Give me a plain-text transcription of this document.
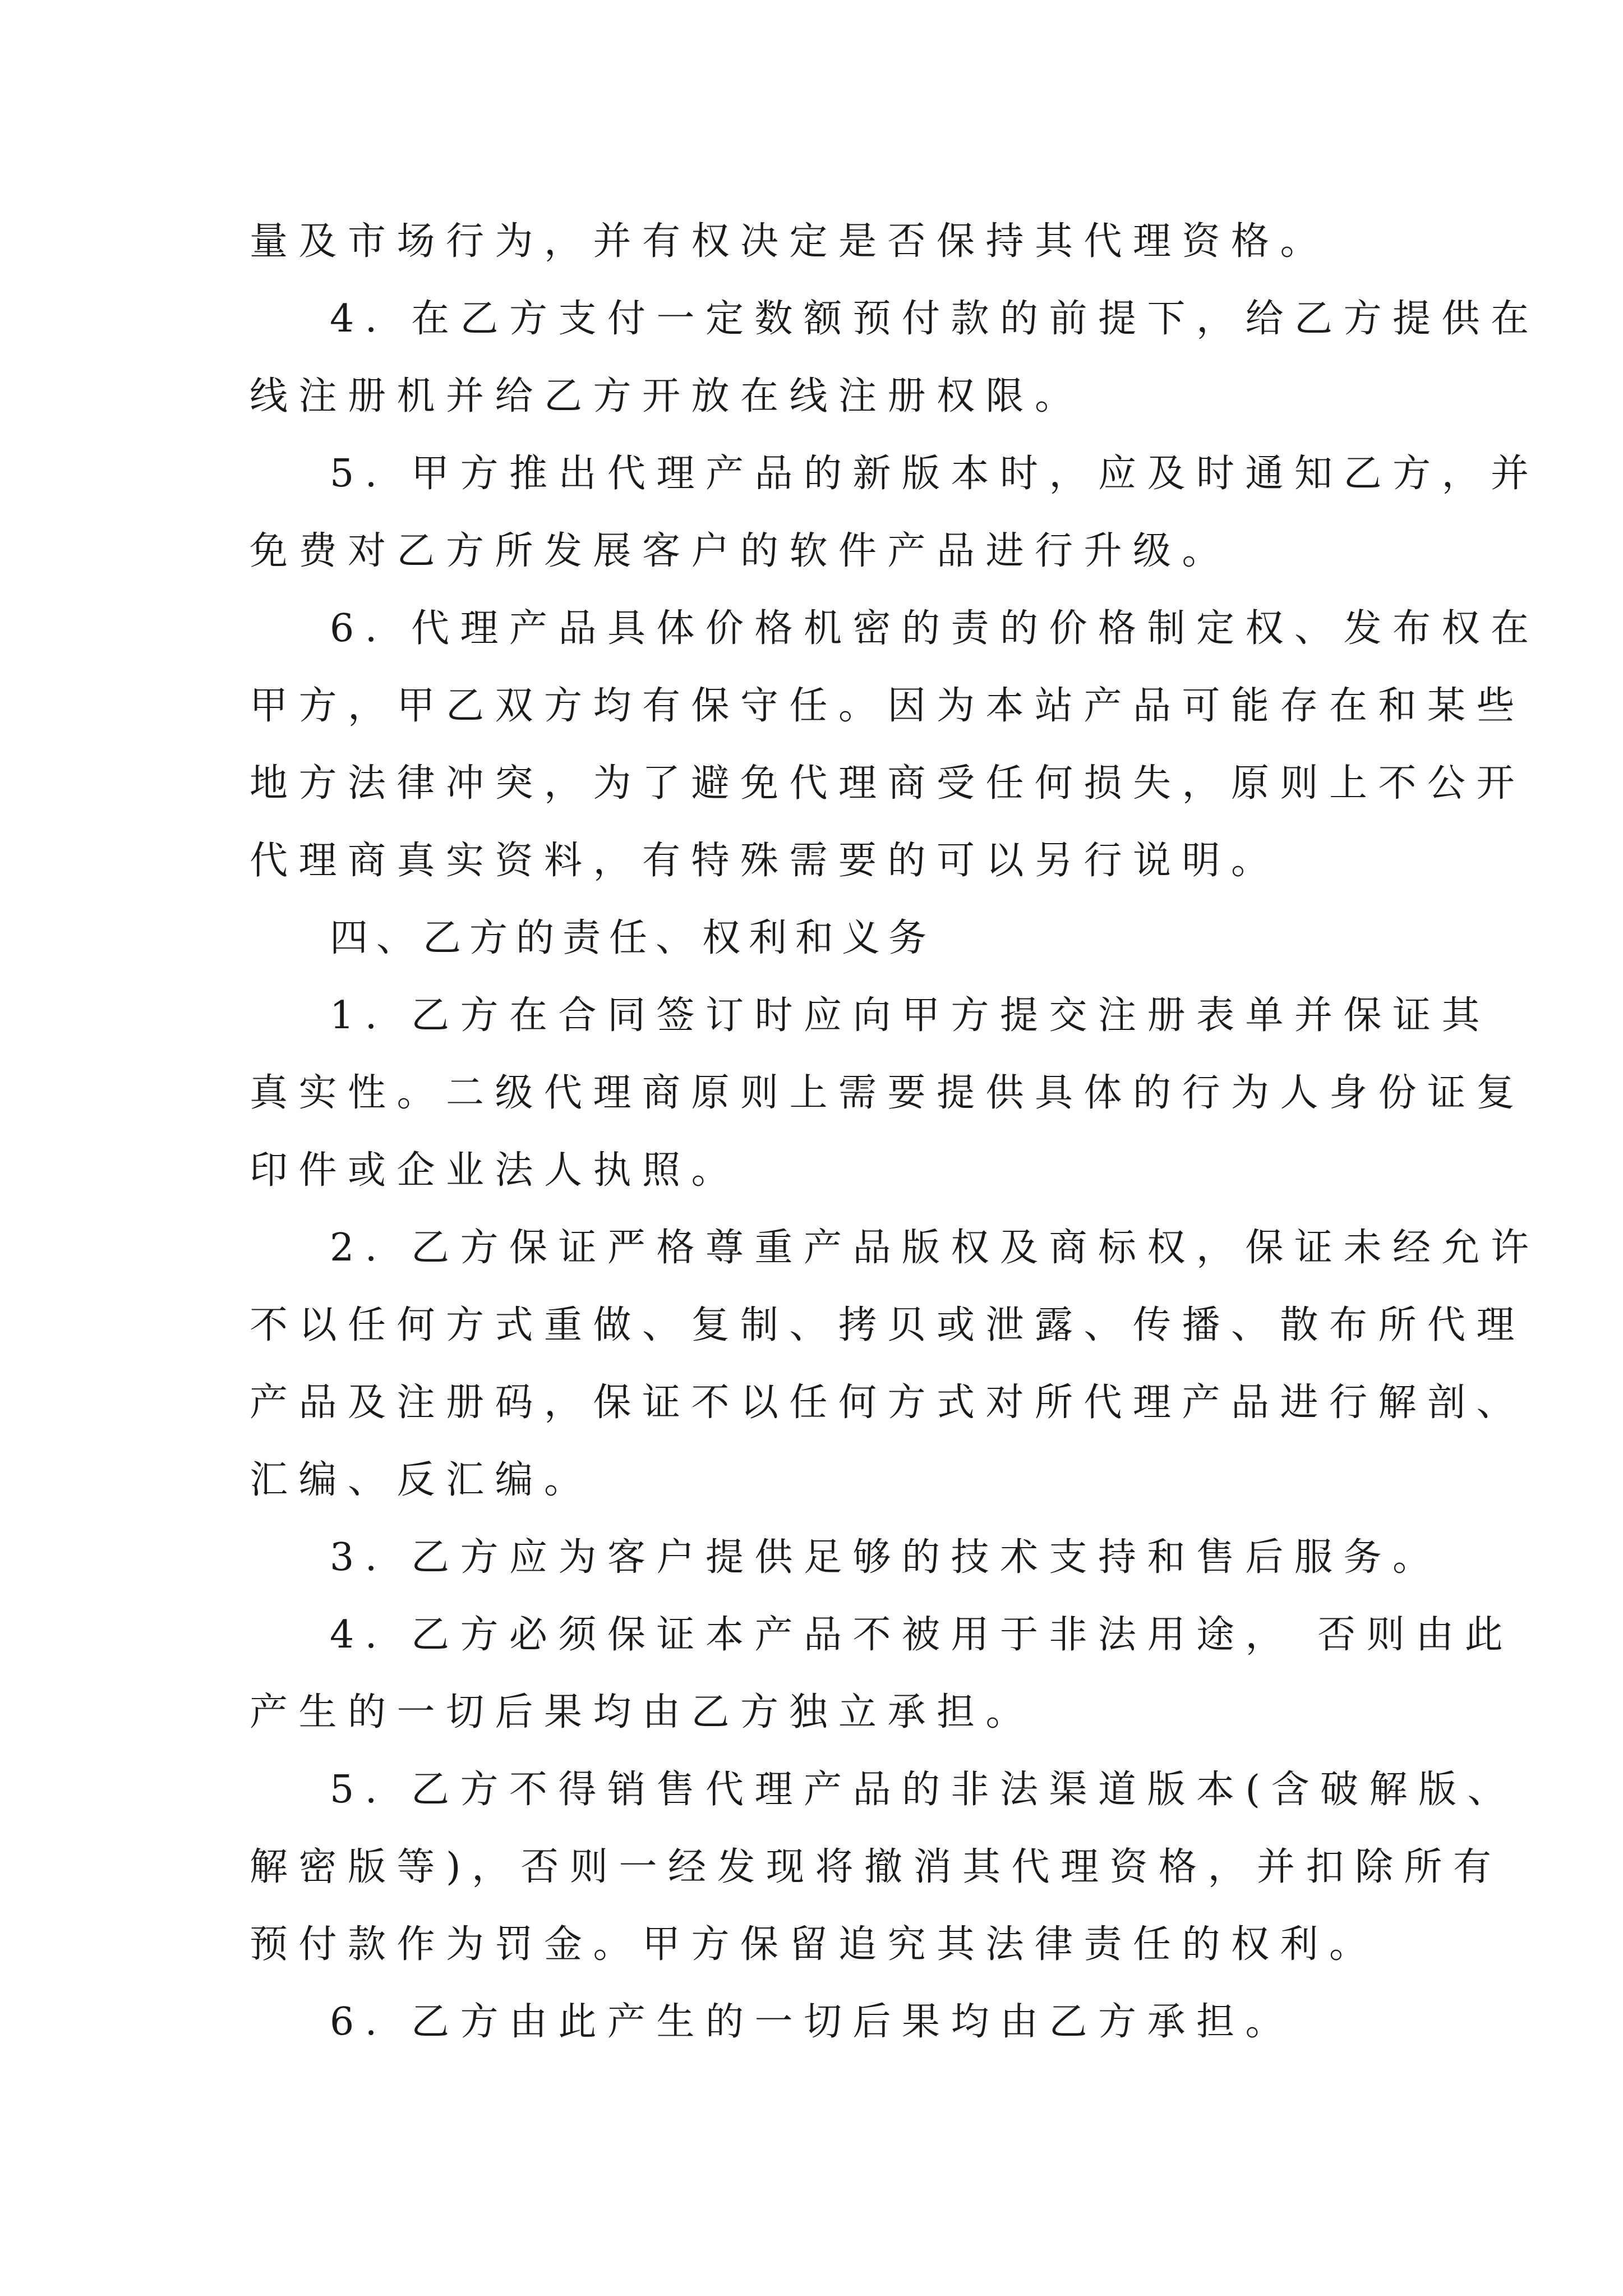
量及市场行为，并有权决定是否保持其代理资格。
4. 在乙方支付一定数额预付款的前提下，给乙方提供在
线注册机并给乙方开放在线注册权限。
5. 甲方推出代理产品的新版本时，应及时通知乙方，并
免费对乙方所发展客户的软件产品进行升级。
6. 代理产品具体价格机密的责的价格制定权、发布权在
甲方，甲乙双方均有保守任。因为本站产品可能存在和某些
地方法律冲突，为了避免代理商受任何损失，原则上不公开
代理商真实资料，有特殊需要的可以另行说明。
四、乙方的责任、权利和义务
1. 乙方在合同签订时应向甲方提交注册表单并保证其
真实性。二级代理商原则上需要提供具体的行为人身份证复
印件或企业法人执照。
2. 乙方保证严格尊重产品版权及商标权，保证未经允许
不以任何方式重做、复制、拷贝或泄露、传播、散布所代理
产品及注册码，保证不以任何方式对所代理产品进行解剖、
汇编、反汇编。
3. 乙方应为客户提供足够的技术支持和售后服务。
4. 乙方必须保证本产品不被用于非法用途， 否则由此
产生的一切后果均由乙方独立承担。
5. 乙方不得销售代理产品的非法渠道版本(含破解版、
解密版等)，否则一经发现将撤消其代理资格，并扣除所有
预付款作为罚金。甲方保留追究其法律责任的权利。
6. 乙方由此产生的一切后果均由乙方承担。
